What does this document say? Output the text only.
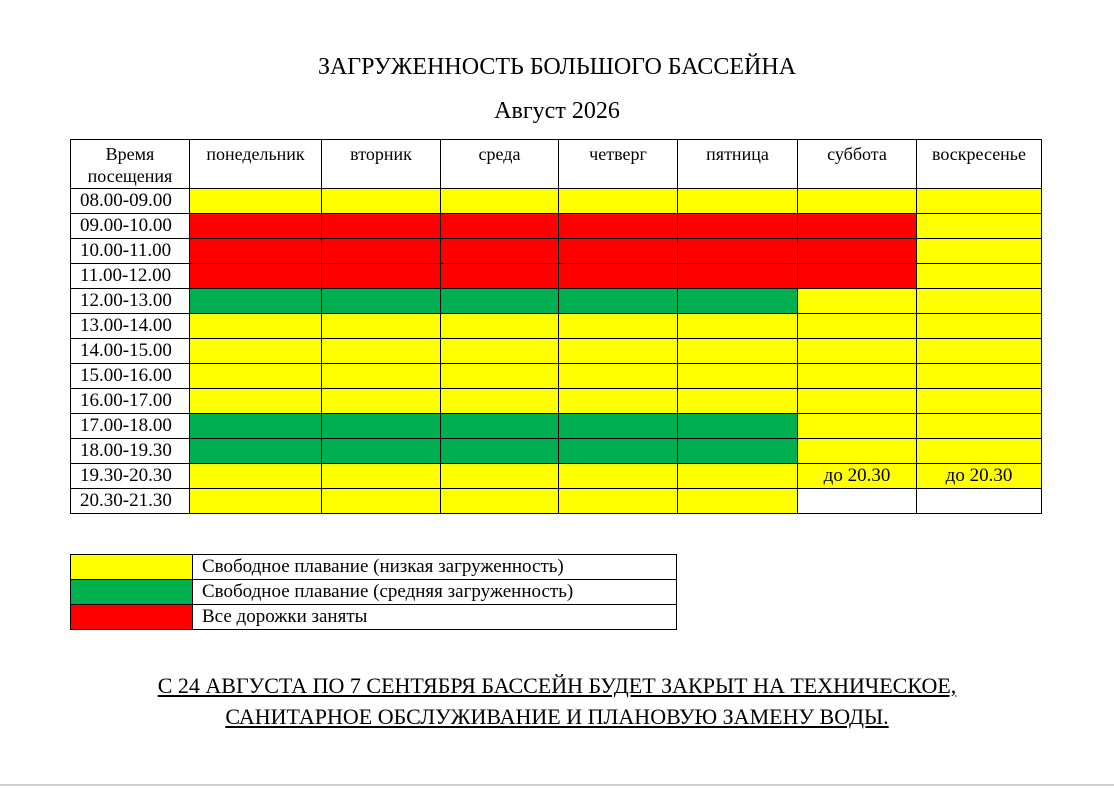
ЗАГРУЖЕННОСТЬ БОЛЬШОГО БАССЕЙНА
Август 2026
Время посещения	понедельник	вторник	среда	четверг	пятница	суббота	воскресенье
08.00-09.00							
09.00-10.00							
10.00-11.00							
11.00-12.00							
12.00-13.00							
13.00-14.00							
14.00-15.00							
15.00-16.00							
16.00-17.00							
17.00-18.00							
18.00-19.30							
19.30-20.30						до 20.30	до 20.30
20.30-21.30							
	Свободное плавание (низкая загруженность)
	Свободное плавание (средняя загруженность)
	Все дорожки заняты
С 24 АВГУСТА ПО 7 СЕНТЯБРЯ БАССЕЙН БУДЕТ ЗАКРЫТ НА ТЕХНИЧЕСКОЕ,
САНИТАРНОЕ ОБСЛУЖИВАНИЕ И ПЛАНОВУЮ ЗАМЕНУ ВОДЫ.
